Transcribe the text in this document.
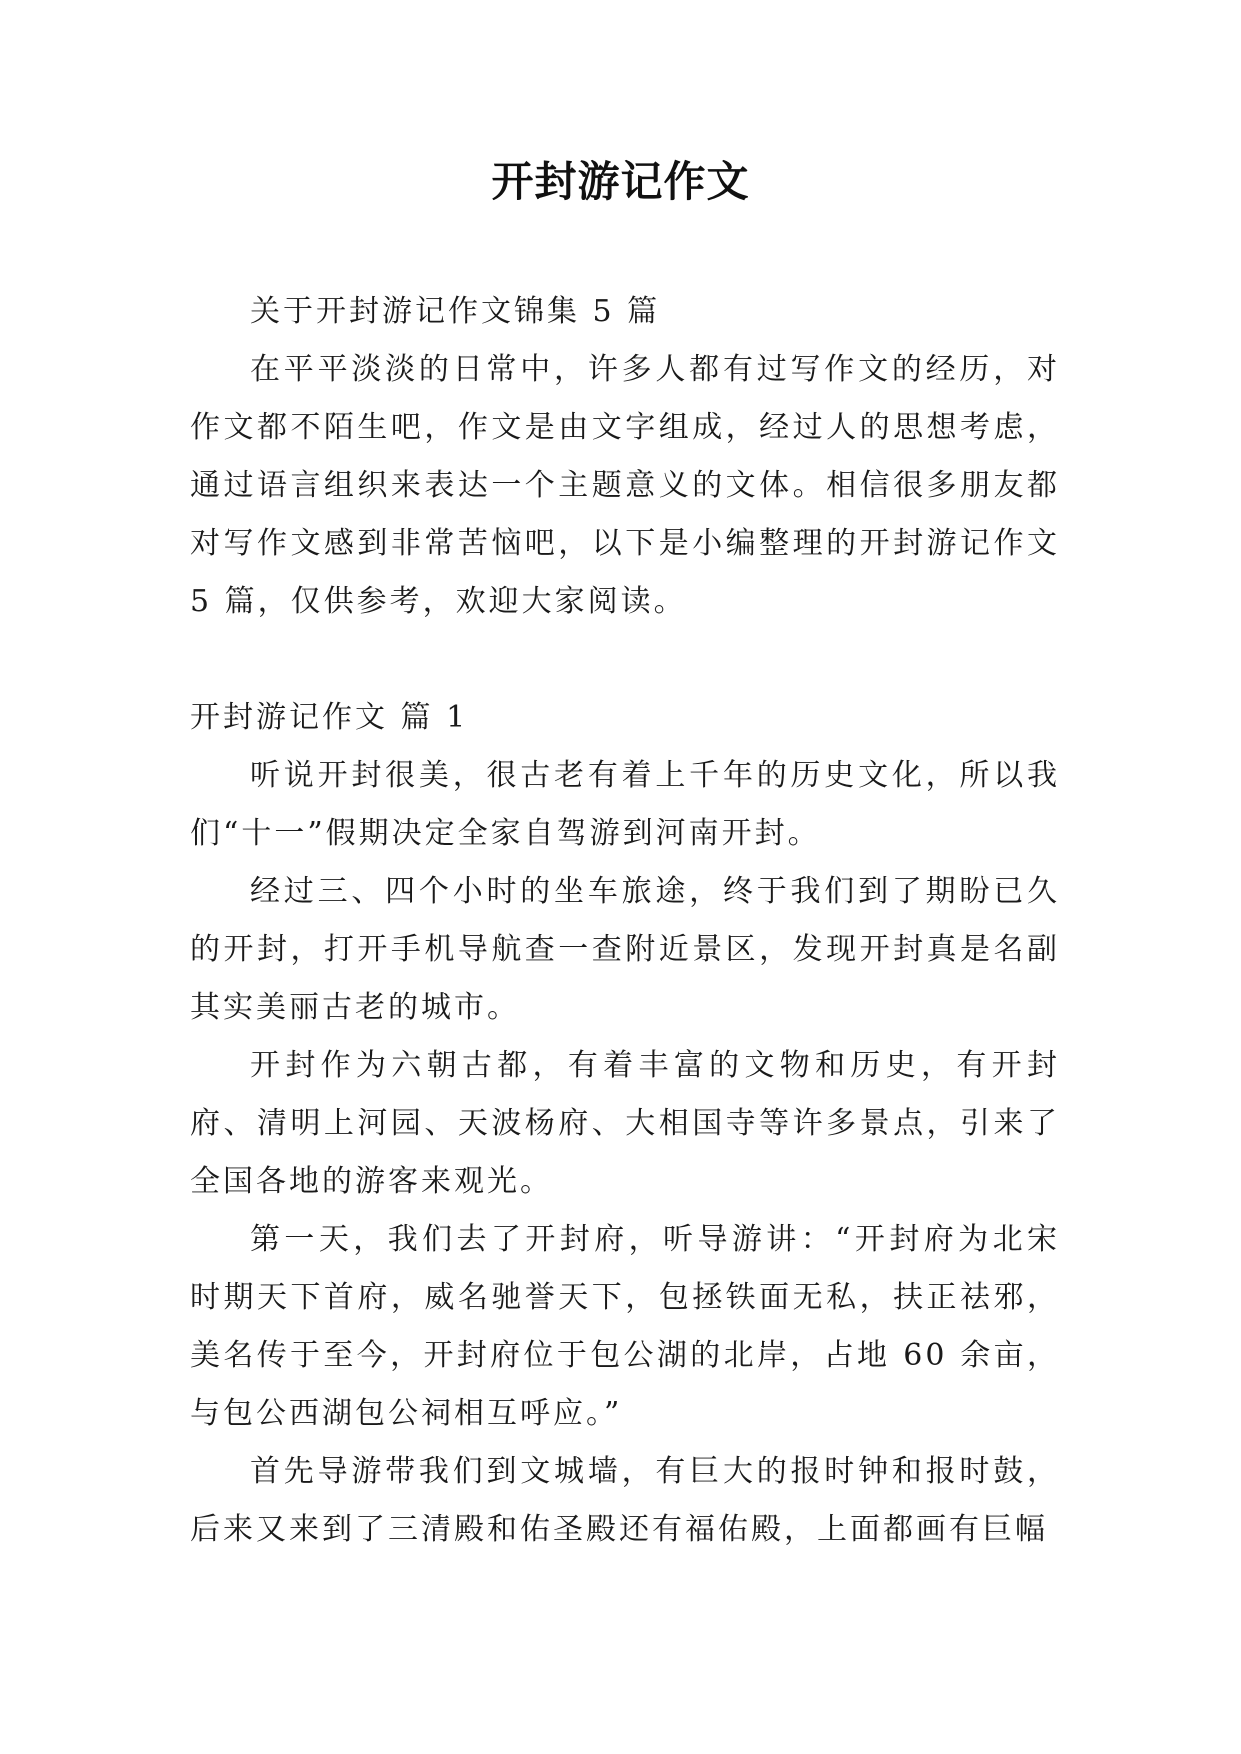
开封游记作文

关于开封游记作文锦集 5 篇

在平平淡淡的日常中，许多人都有过写作文的经历，对作文都不陌生吧，作文是由文字组成，经过人的思想考虑，通过语言组织来表达一个主题意义的文体。相信很多朋友都对写作文感到非常苦恼吧，以下是小编整理的开封游记作文 5 篇，仅供参考，欢迎大家阅读。

开封游记作文 篇 1

听说开封很美，很古老有着上千年的历史文化，所以我们“十一”假期决定全家自驾游到河南开封。

经过三、四个小时的坐车旅途，终于我们到了期盼已久的开封，打开手机导航查一查附近景区，发现开封真是名副其实美丽古老的城市。

开封作为六朝古都，有着丰富的文物和历史，有开封府、清明上河园、天波杨府、大相国寺等许多景点，引来了全国各地的游客来观光。

第一天，我们去了开封府，听导游讲：“开封府为北宋时期天下首府，威名驰誉天下，包拯铁面无私，扶正祛邪，美名传于至今，开封府位于包公湖的北岸，占地 60 余亩，与包公西湖包公祠相互呼应。”

首先导游带我们到文城墙，有巨大的报时钟和报时鼓，后来又来到了三清殿和佑圣殿还有福佑殿，上面都画有巨幅
